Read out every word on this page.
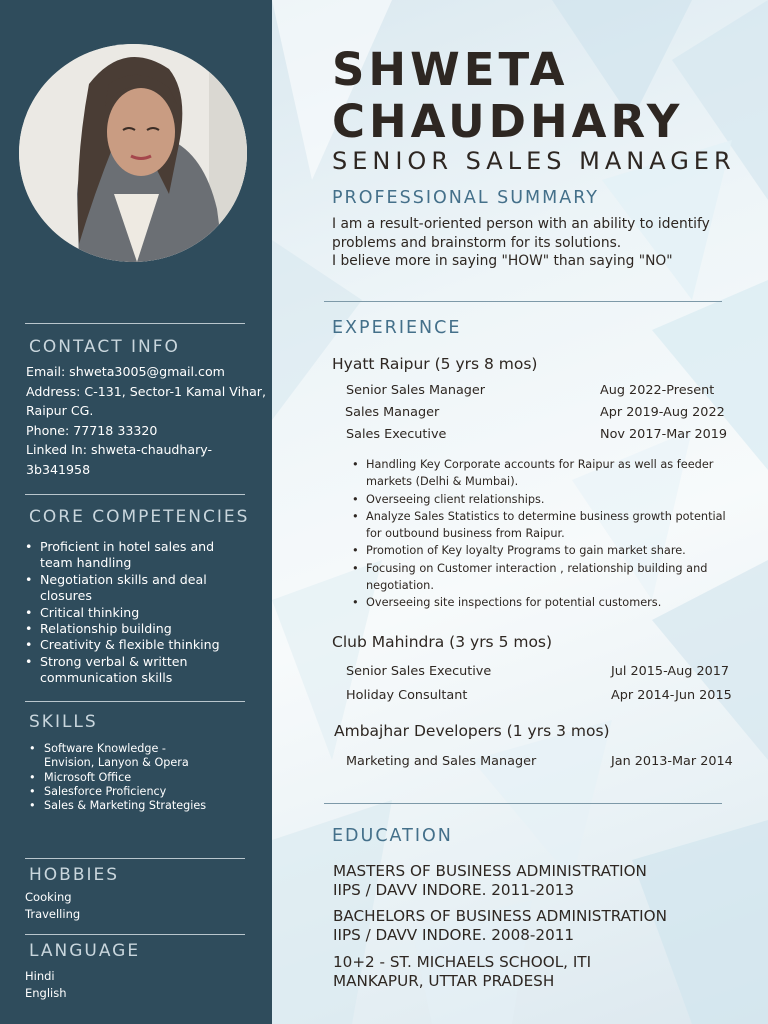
CONTACT INFO
Email: shweta3005@gmail.com
Address: C-131, Sector-1 Kamal Vihar,
Raipur CG.
Phone: 77718 33320
Linked In: shweta-chaudhary-
3b341958
CORE COMPETENCIES
• Proficient in hotel sales and team handling
• Negotiation skills and deal closures
• Critical thinking
• Relationship building
• Creativity & flexible thinking
• Strong verbal & written communication skills
SKILLS
• Software Knowledge - Envision, Lanyon & Opera
• Microsoft Office
• Salesforce Proficiency
• Sales & Marketing Strategies
HOBBIES
Cooking
Travelling
LANGUAGE
Hindi
English
SHWETA
CHAUDHARY
SENIOR SALES MANAGER
PROFESSIONAL SUMMARY
I am a result-oriented person with an ability to identify
problems and brainstorm for its solutions.
I believe more in saying "HOW" than saying "NO"
EXPERIENCE
Hyatt Raipur (5 yrs 8 mos)
Senior Sales Manager	Aug 2022-Present
Sales Manager	Apr 2019-Aug 2022
Sales Executive	Nov 2017-Mar 2019
• Handling Key Corporate accounts for Raipur as well as feeder markets (Delhi & Mumbai).
• Overseeing client relationships.
• Analyze Sales Statistics to determine business growth potential for outbound business from Raipur.
• Promotion of Key loyalty Programs to gain market share.
• Focusing on Customer interaction , relationship building and negotiation.
• Overseeing site inspections for potential customers.
Club Mahindra (3 yrs 5 mos)
Senior Sales Executive	Jul 2015-Aug 2017
Holiday Consultant	Apr 2014-Jun 2015
Ambajhar Developers (1 yrs 3 mos)
Marketing and Sales Manager	Jan 2013-Mar 2014
EDUCATION
MASTERS OF BUSINESS ADMINISTRATION
IIPS / DAVV INDORE. 2011-2013
BACHELORS OF BUSINESS ADMINISTRATION
IIPS / DAVV INDORE. 2008-2011
10+2 - ST. MICHAELS SCHOOL, ITI
MANKAPUR, UTTAR PRADESH
